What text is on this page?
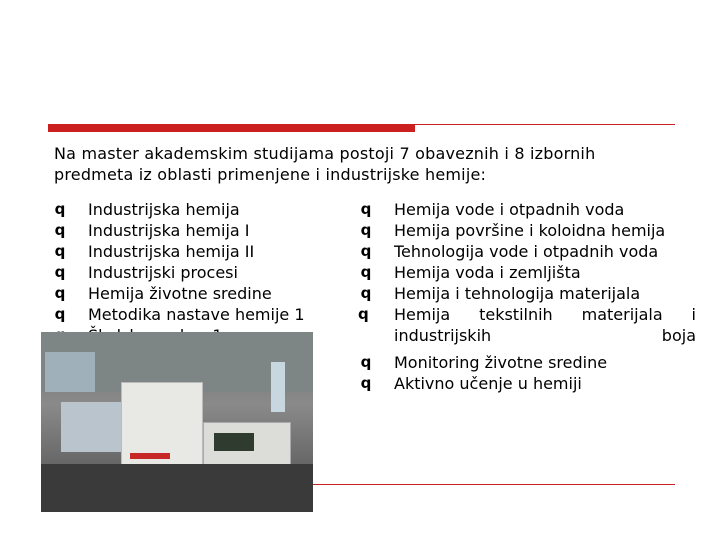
Na master akademskim studijama postoji 7 obaveznih i 8 izbornih predmeta iz oblasti primenjene i industrijske hemije:
q Industrijska hemija
q Industrijska hemija I
q Industrijska hemija II
q Industrijski procesi
q Hemija životne sredine
q Metodika nastave hemije 1
q Hemija vode i otpadnih voda
q Hemija površine i koloidna hemija
q Tehnologija vode i otpadnih voda
q Hemija voda i zemljišta
q Hemija i tehnologija materijala
q	Hemija tekstilnih materijala i industrijskih boja
q Monitoring životne sredine
q Aktivno učenje u hemiji
